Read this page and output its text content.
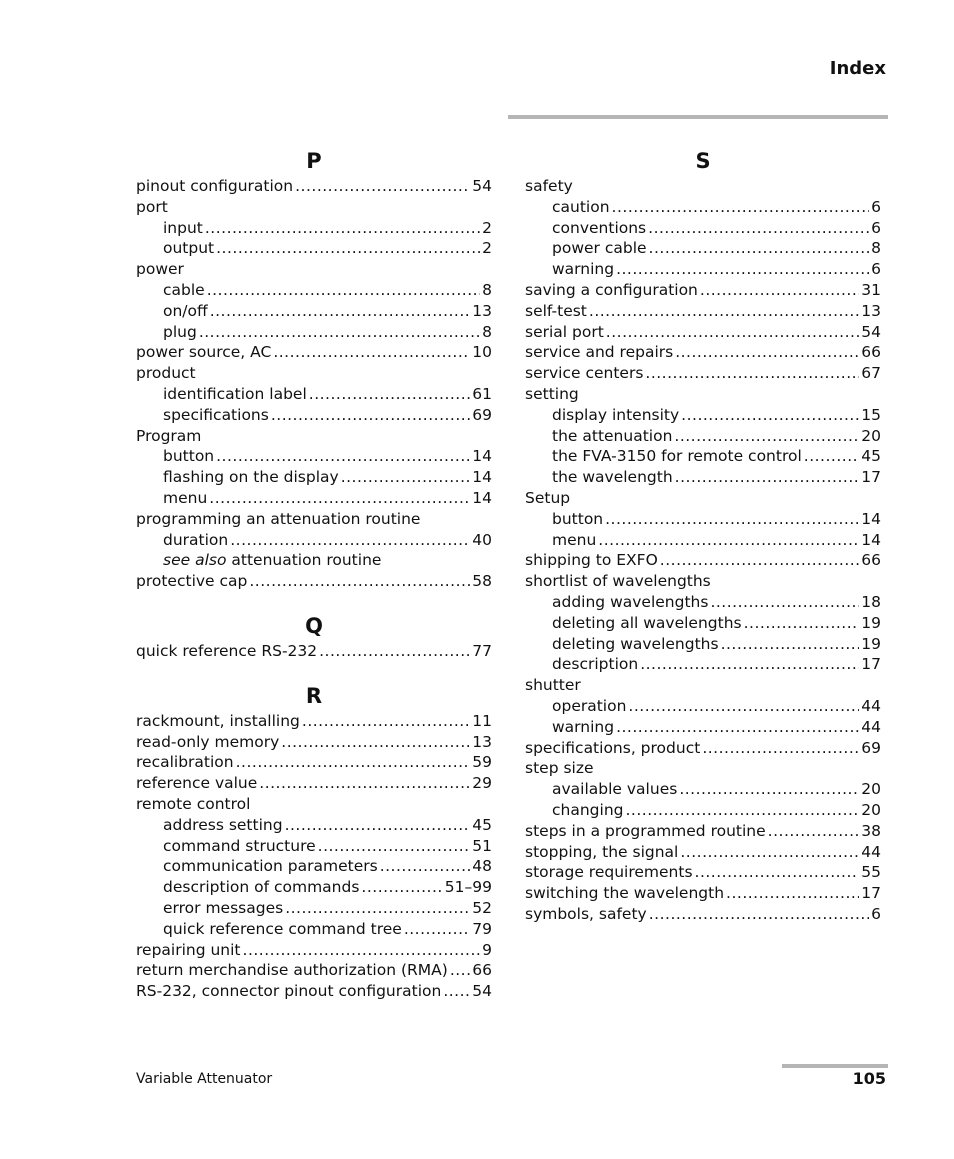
Index
P
pinout configuration .....	54
port
input .....	2
output .....	2
power
cable .....	8
on/off .....	13
plug .....	8
power source, AC .....	10
product
identification label .....	61
specifications .....	69
Program
button .....	14
flashing on the display .....	14
menu .....	14
programming an attenuation routine
duration .....	40
see also attenuation routine
protective cap .....	58
Q
quick reference RS-232 .....	77
R
rackmount, installing .....	11
read-only memory .....	13
recalibration .....	59
reference value .....	29
remote control
address setting .....	45
command structure .....	51
communication parameters .....	48
description of commands .....	51–99
error messages .....	52
quick reference command tree .....	79
repairing unit .....	9
return merchandise authorization (RMA) ..... 66
RS-232, connector pinout configuration ..... 54
S
safety
caution .....	6
conventions .....	6
power cable .....	8
warning .....	6
saving a configuration .....	31
self-test .....	13
serial port .....	54
service and repairs .....	66
service centers .....	67
setting
display intensity .....	15
the attenuation .....	20
the FVA-3150 for remote control .....	45
the wavelength .....	17
Setup
button .....	14
menu .....	14
shipping to EXFO .....	66
shortlist of wavelengths
adding wavelengths .....	18
deleting all wavelengths .....	19
deleting wavelengths .....	19
description .....	17
shutter
operation .....	44
warning .....	44
specifications, product .....	69
step size
available values .....	20
changing .....	20
steps in a programmed routine .....	38
stopping, the signal .....	44
storage requirements .....	55
switching the wavelength .....	17
symbols, safety .....	6
Variable Attenuator	105
